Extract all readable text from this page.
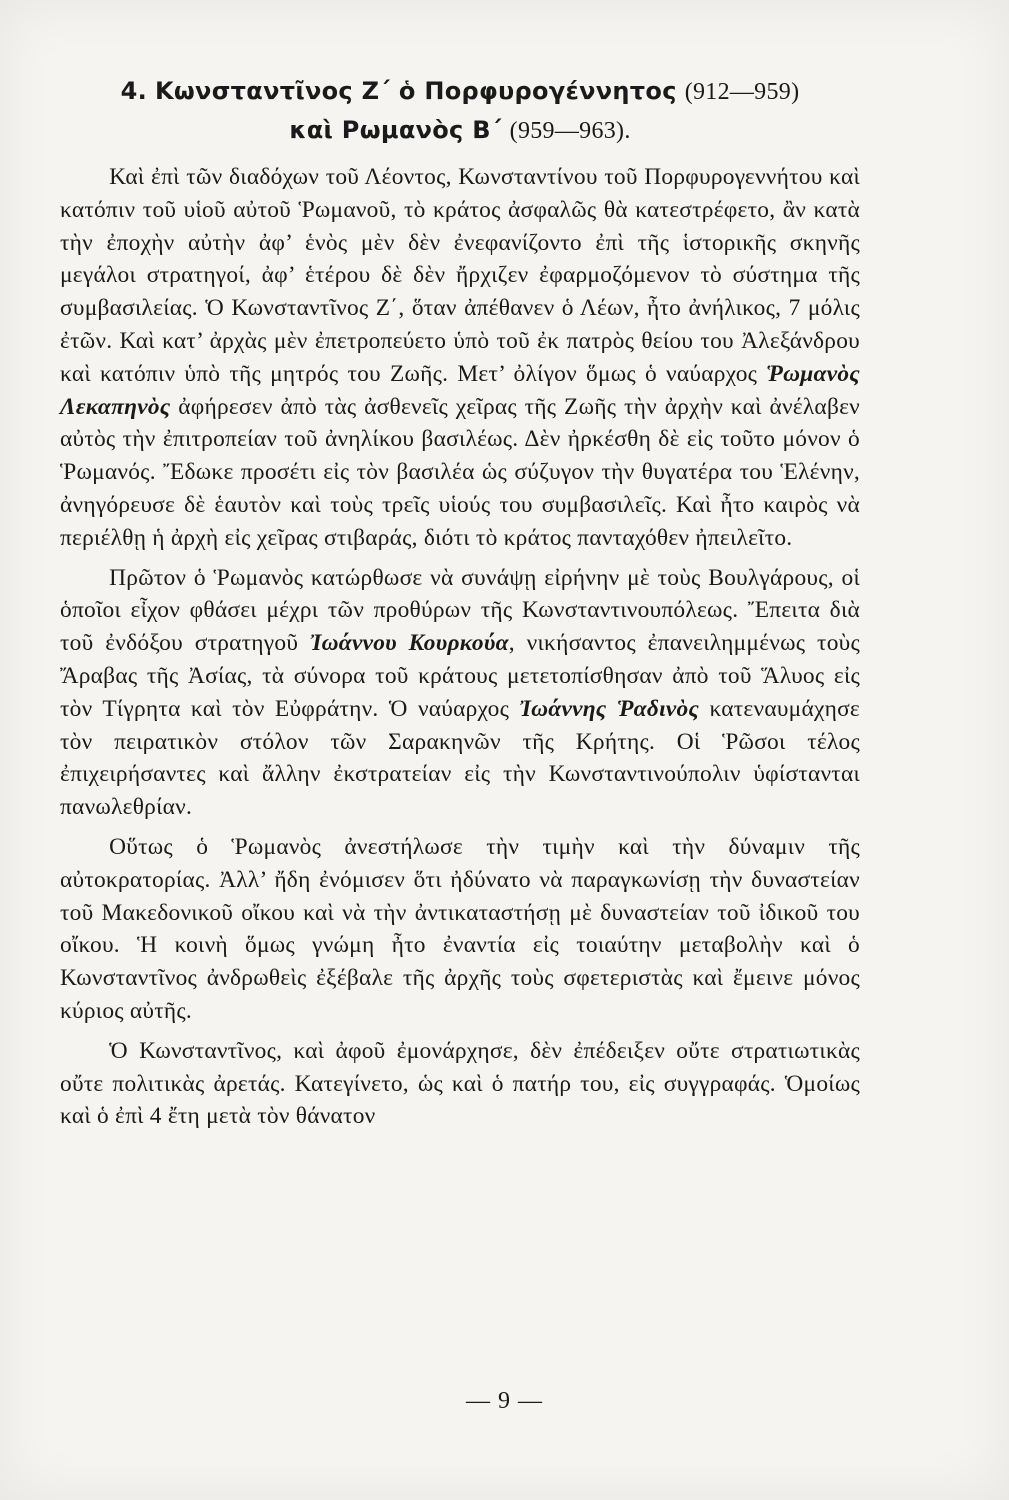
4. Κωνσταντῖνος Ζ΄ ὁ Πορφυρογέννητος (912—959)
καὶ Ρωμανὸς Β΄ (959—963).

Καὶ ἐπὶ τῶν διαδόχων τοῦ Λέοντος, Κωνσταντίνου τοῦ Πορφυρογεννήτου καὶ κατόπιν τοῦ υἱοῦ αὐτοῦ Ῥωμανοῦ, τὸ κράτος ἀσφαλῶς θὰ κατεστρέφετο, ἂν κατὰ τὴν ἐποχὴν αὐτὴν ἀφ’ ἑνὸς μὲν δὲν ἐνεφανίζοντο ἐπὶ τῆς ἱστορικῆς σκηνῆς μεγάλοι στρατηγοί, ἀφ’ ἑτέρου δὲ δὲν ἤρχιζεν ἐφαρμοζόμενον τὸ σύστημα τῆς συμβασιλείας. Ὁ Κωνσταντῖνος Ζ΄, ὅταν ἀπέθανεν ὁ Λέων, ἦτο ἀνήλικος, 7 μόλις ἐτῶν. Καὶ κατ’ ἀρχὰς μὲν ἐπετροπεύετο ὑπὸ τοῦ ἐκ πατρὸς θείου του Ἀλεξάνδρου καὶ κατόπιν ὑπὸ τῆς μητρός του Ζωῆς. Μετ’ ὀλίγον ὅμως ὁ ναύαρχος Ῥωμανὸς Λεκαπηνὸς ἀφήρεσεν ἀπὸ τὰς ἀσθενεῖς χεῖρας τῆς Ζωῆς τὴν ἀρχὴν καὶ ἀνέλαβεν αὐτὸς τὴν ἐπιτροπείαν τοῦ ἀνηλίκου βασιλέως. Δὲν ἠρκέσθη δὲ εἰς τοῦτο μόνον ὁ Ῥωμανός. Ἔδωκε προσέτι εἰς τὸν βασιλέα ὡς σύζυγον τὴν θυγατέρα του Ἑλένην, ἀνηγόρευσε δὲ ἑαυτὸν καὶ τοὺς τρεῖς υἱούς του συμβασιλεῖς. Καὶ ἦτο καιρὸς νὰ περιέλθῃ ἡ ἀρχὴ εἰς χεῖρας στιβαράς, διότι τὸ κράτος πανταχόθεν ἠπειλεῖτο.

Πρῶτον ὁ Ῥωμανὸς κατώρθωσε νὰ συνάψῃ εἰρήνην μὲ τοὺς Βουλγάρους, οἱ ὁποῖοι εἶχον φθάσει μέχρι τῶν προθύρων τῆς Κωνσταντινουπόλεως. Ἔπειτα διὰ τοῦ ἐνδόξου στρατηγοῦ Ἰωάννου Κουρκούα, νικήσαντος ἐπανειλημμένως τοὺς Ἄραβας τῆς Ἀσίας, τὰ σύνορα τοῦ κράτους μετετοπίσθησαν ἀπὸ τοῦ Ἅλυος εἰς τὸν Τίγρητα καὶ τὸν Εὐφράτην. Ὁ ναύαρχος Ἰωάννης Ῥαδινὸς κατεναυμάχησε τὸν πειρατικὸν στόλον τῶν Σαρακηνῶν τῆς Κρήτης. Οἱ Ῥῶσοι τέλος ἐπιχειρήσαντες καὶ ἄλλην ἐκστρατείαν εἰς τὴν Κωνσταντινούπολιν ὑφίστανται πανωλεθρίαν.

Οὕτως ὁ Ῥωμανὸς ἀνεστήλωσε τὴν τιμὴν καὶ τὴν δύναμιν τῆς αὐτοκρατορίας. Ἀλλ’ ἤδη ἐνόμισεν ὅτι ἠδύνατο νὰ παραγκωνίσῃ τὴν δυναστείαν τοῦ Μακεδονικοῦ οἴκου καὶ νὰ τὴν ἀντικαταστήσῃ μὲ δυναστείαν τοῦ ἰδικοῦ του οἴκου. Ἡ κοινὴ ὅμως γνώμη ἦτο ἐναντία εἰς τοιαύτην μεταβολὴν καὶ ὁ Κωνσταντῖνος ἀνδρωθεὶς ἐξέβαλε τῆς ἀρχῆς τοὺς σφετεριστὰς καὶ ἔμεινε μόνος κύριος αὐτῆς.

Ὁ Κωνσταντῖνος, καὶ ἀφοῦ ἐμονάρχησε, δὲν ἐπέδειξεν οὔτε στρατιωτικὰς οὔτε πολιτικὰς ἀρετάς. Κατεγίνετο, ὡς καὶ ὁ πατήρ του, εἰς συγγραφάς. Ὁμοίως καὶ ὁ ἐπὶ 4 ἔτη μετὰ τὸν θάνατον

— 9 —
